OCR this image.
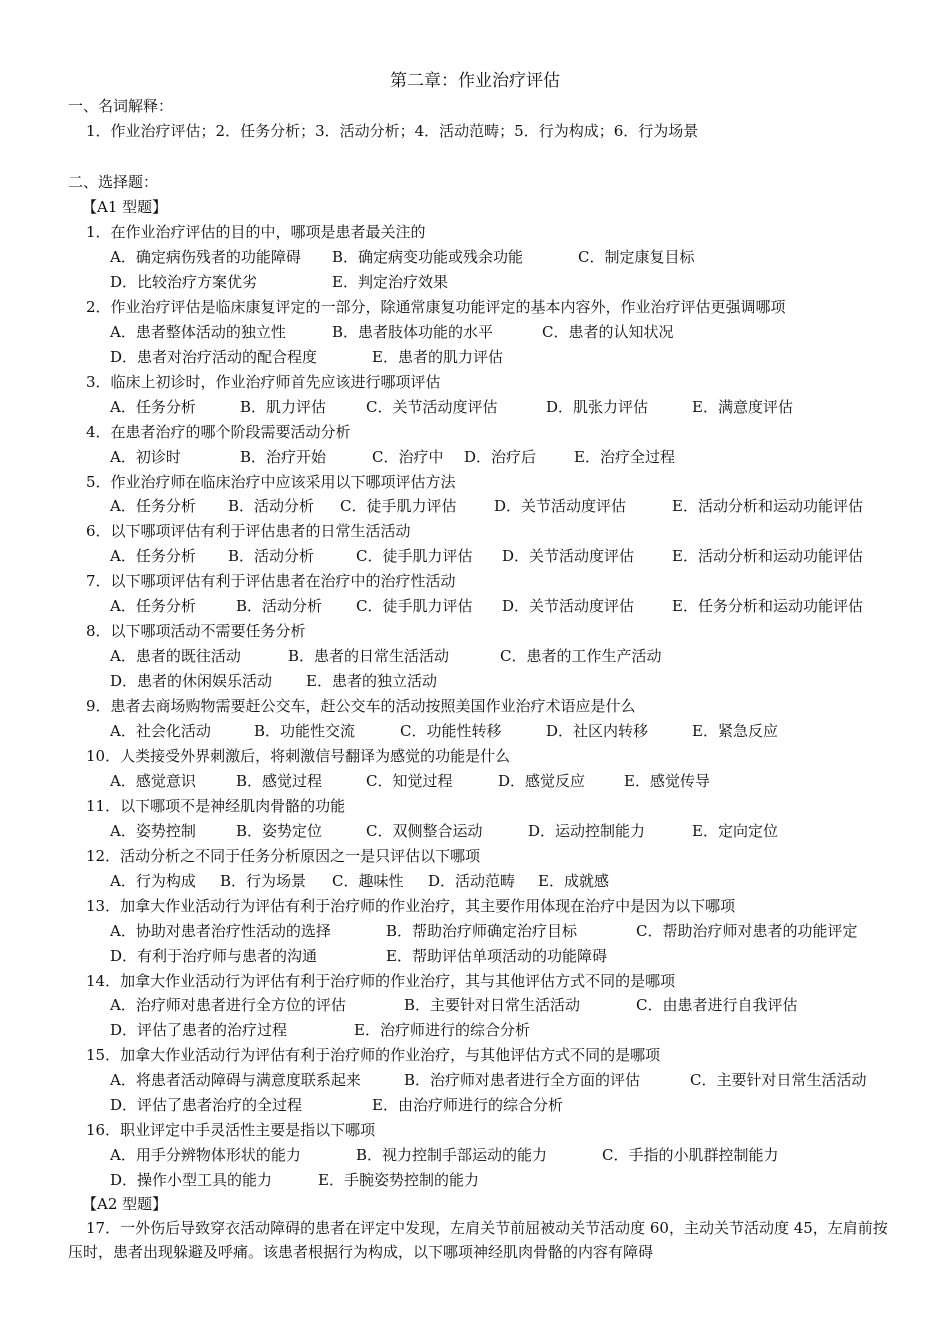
第二章：作业治疗评估
一、名词解释：
1．作业治疗评估；2．任务分析；3．活动分析；4．活动范畴；5．行为构成；6．行为场景
二、选择题：
【A1 型题】
1．在作业治疗评估的目的中，哪项是患者最关注的
A．确定病伤残者的功能障碍 B．确定病变功能或残余功能	C．制定康复目标
D．比较治疗方案优劣	E．判定治疗效果
2．作业治疗评估是临床康复评定的一部分，除通常康复功能评定的基本内容外，作业治疗评估更强调哪项
A．患者整体活动的独立性	B．患者肢体功能的水平	C．患者的认知状况
D．患者对治疗活动的配合程度	E．患者的肌力评估
3．临床上初诊时，作业治疗师首先应该进行哪项评估
A．任务分析	B．肌力评估	C．关节活动度评估	D．肌张力评估	E．满意度评估
4．在患者治疗的哪个阶段需要活动分析
A．初诊时	B．治疗开始	C．治疗中 D．治疗后	E．治疗全过程
5．作业治疗师在临床治疗中应该采用以下哪项评估方法
A．任务分析 B．活动分析 C．徒手肌力评估	D．关节活动度评估	E．活动分析和运动功能评估
6．以下哪项评估有利于评估患者的日常生活活动
A．任务分析 B．活动分析	C．徒手肌力评估 D．关节活动度评估	E．活动分析和运动功能评估
7．以下哪项评估有利于评估患者在治疗中的治疗性活动
A．任务分析	B．活动分析 C．徒手肌力评估 D．关节活动度评估	E．任务分析和运动功能评估
8．以下哪项活动不需要任务分析
A．患者的既往活动	B．患者的日常生活活动	C．患者的工作生产活动
D．患者的休闲娱乐活动 E．患者的独立活动
9．患者去商场购物需要赶公交车，赶公交车的活动按照美国作业治疗术语应是什么
A．社会化活动	B．功能性交流	C．功能性转移	D．社区内转移	E．紧急反应
10．人类接受外界刺激后，将刺激信号翻译为感觉的功能是什么
A．感觉意识	B．感觉过程	C．知觉过程	D．感觉反应	E．感觉传导
11．以下哪项不是神经肌肉骨骼的功能
A．姿势控制	B．姿势定位	C．双侧整合运动	D．运动控制能力	E．定向定位
12．活动分析之不同于任务分析原因之一是只评估以下哪项
A．行为构成 B．行为场景 C．趣味性 D．活动范畴 E．成就感
13．加拿大作业活动行为评估有利于治疗师的作业治疗，其主要作用体现在治疗中是因为以下哪项
A．协助对患者治疗性活动的选择	B．帮助治疗师确定治疗目标	C．帮助治疗师对患者的功能评定
D．有利于治疗师与患者的沟通	E．帮助评估单项活动的功能障碍
14．加拿大作业活动行为评估有利于治疗师的作业治疗，其与其他评估方式不同的是哪项
A．治疗师对患者进行全方位的评估	B．主要针对日常生活活动	C．由患者进行自我评估
D．评估了患者的治疗过程	E．治疗师进行的综合分析
15．加拿大作业活动行为评估有利于治疗师的作业治疗，与其他评估方式不同的是哪项
A．将患者活动障碍与满意度联系起来	B．治疗师对患者进行全方面的评估	C．主要针对日常生活活动
D．评估了患者治疗的全过程	E．由治疗师进行的综合分析
16．职业评定中手灵活性主要是指以下哪项
A．用手分辨物体形状的能力	B．视力控制手部运动的能力	C．手指的小肌群控制能力
D．操作小型工具的能力	E．手腕姿势控制的能力
【A2 型题】
17．一外伤后导致穿衣活动障碍的患者在评定中发现，左肩关节前屈被动关节活动度 60，主动关节活动度 45，左肩前按压时，患者出现躲避及呼痛。该患者根据行为构成，以下哪项神经肌肉骨骼的内容有障碍
